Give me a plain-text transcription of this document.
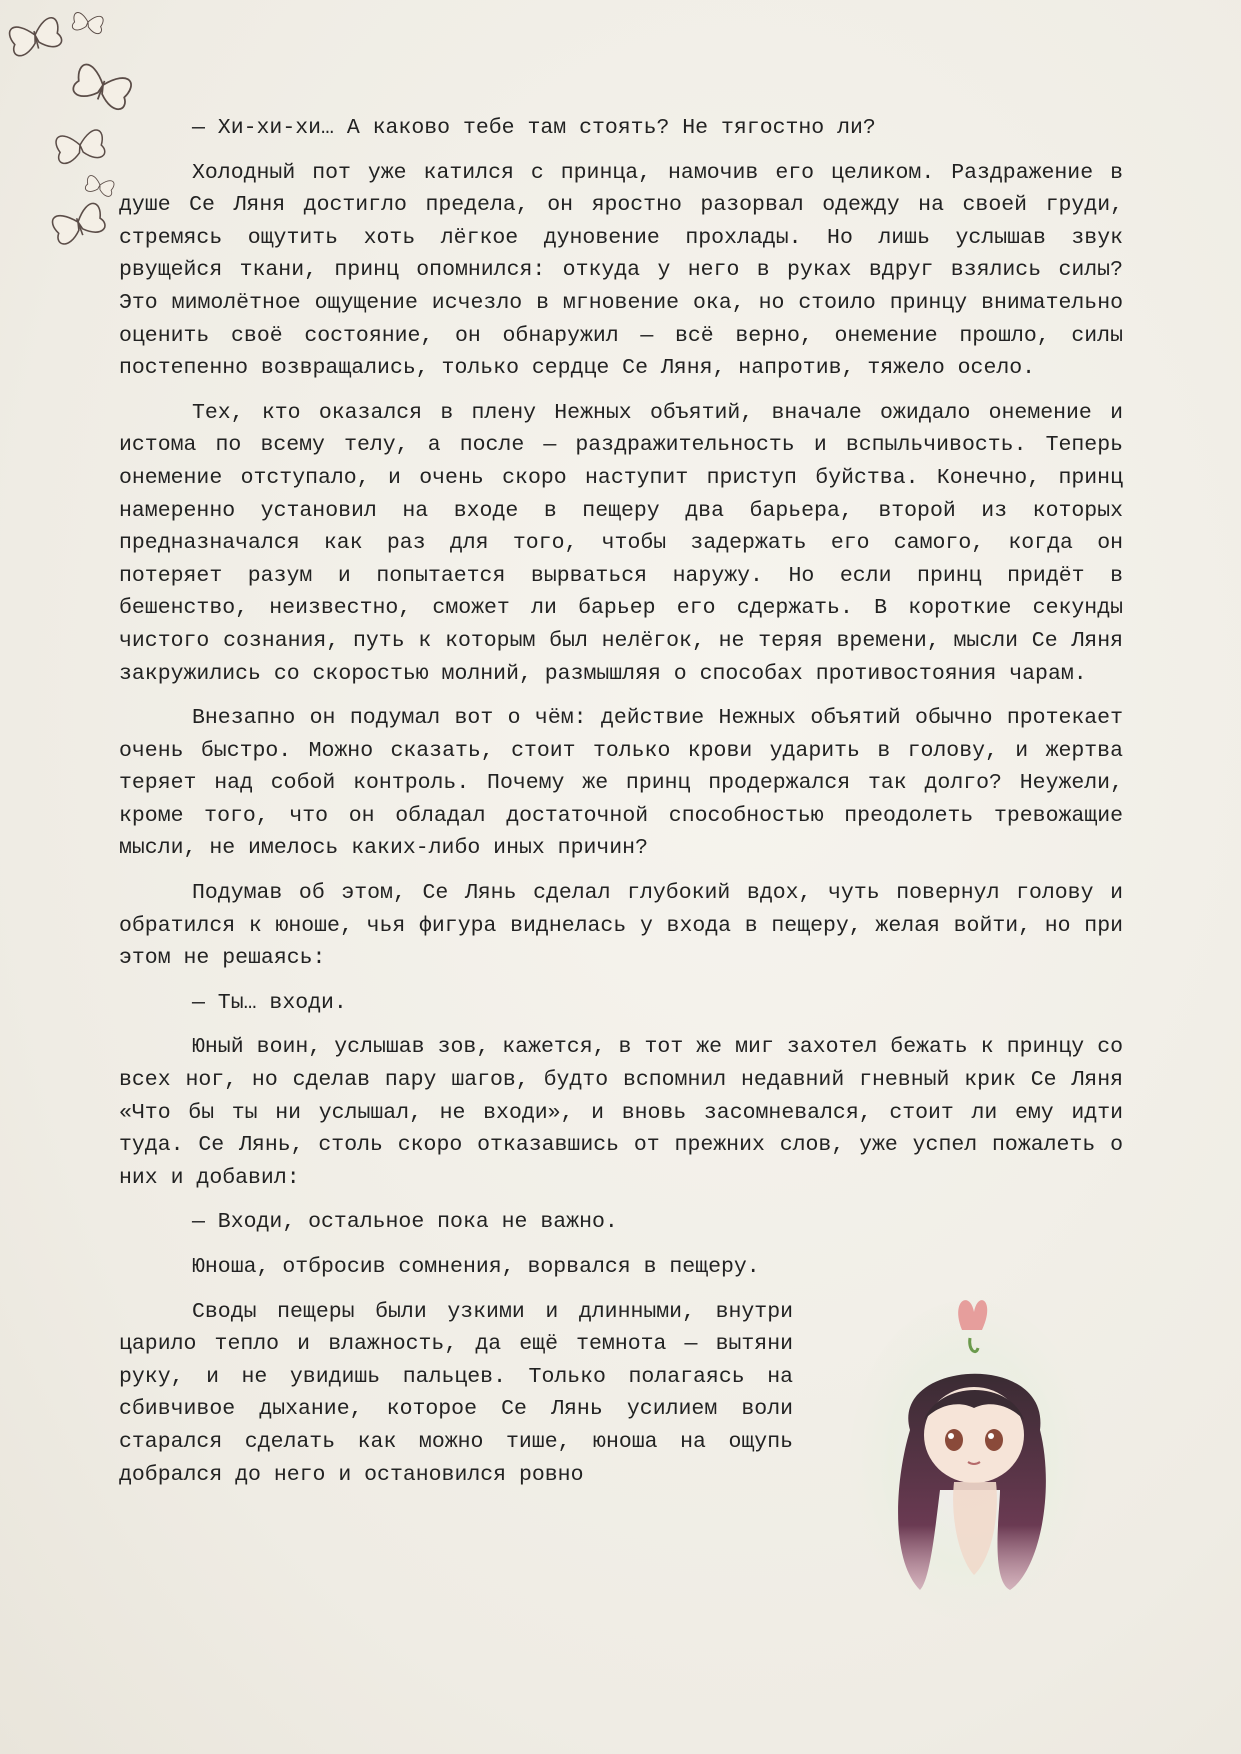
— Хи-хи-хи… А каково тебе там стоять? Не тягостно ли?

Холодный пот уже катился с принца, намочив его целиком. Раздражение в душе Се Ляня достигло предела, он яростно разорвал одежду на своей груди, стремясь ощутить хоть лёгкое дуновение прохлады. Но лишь услышав звук рвущейся ткани, принц опомнился: откуда у него в руках вдруг взялись силы? Это мимолётное ощущение исчезло в мгновение ока, но стоило принцу внимательно оценить своё состояние, он обнаружил — всё верно, онемение прошло, силы постепенно возвращались, только сердце Се Ляня, напротив, тяжело осело.

Тех, кто оказался в плену Нежных объятий, вначале ожидало онемение и истома по всему телу, а после — раздражительность и вспыльчивость. Теперь онемение отступало, и очень скоро наступит приступ буйства. Конечно, принц намеренно установил на входе в пещеру два барьера, второй из которых предназначался как раз для того, чтобы задержать его самого, когда он потеряет разум и попытается вырваться наружу. Но если принц придёт в бешенство, неизвестно, сможет ли барьер его сдержать. В короткие секунды чистого сознания, путь к которым был нелёгок, не теряя времени, мысли Се Ляня закружились со скоростью молний, размышляя о способах противостояния чарам.

Внезапно он подумал вот о чём: действие Нежных объятий обычно протекает очень быстро. Можно сказать, стоит только крови ударить в голову, и жертва теряет над собой контроль. Почему же принц продержался так долго? Неужели, кроме того, что он обладал достаточной способностью преодолеть тревожащие мысли, не имелось каких-либо иных причин?

Подумав об этом, Се Лянь сделал глубокий вдох, чуть повернул голову и обратился к юноше, чья фигура виднелась у входа в пещеру, желая войти, но при этом не решаясь:

— Ты… входи.

Юный воин, услышав зов, кажется, в тот же миг захотел бежать к принцу со всех ног, но сделав пару шагов, будто вспомнил недавний гневный крик Се Ляня «Что бы ты ни услышал, не входи», и вновь засомневался, стоит ли ему идти туда. Се Лянь, столь скоро отказавшись от прежних слов, уже успел пожалеть о них и добавил:

— Входи, остальное пока не важно.

Юноша, отбросив сомнения, ворвался в пещеру.

Своды пещеры были узкими и длинными, внутри царило тепло и влажность, да ещё темнота — вытяни руку, и не увидишь пальцев. Только полагаясь на сбивчивое дыхание, которое Се Лянь усилием воли старался сделать как можно тише, юноша на ощупь добрался до него и остановился ровно
